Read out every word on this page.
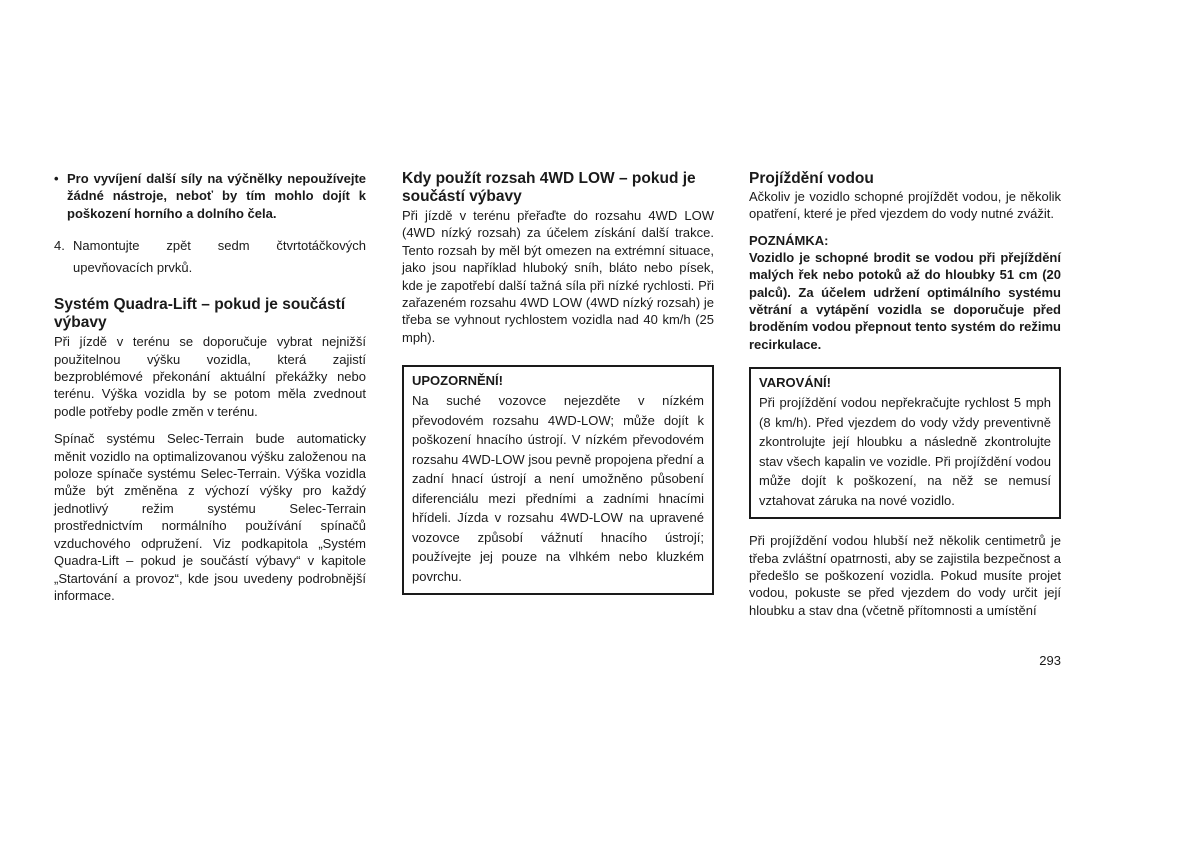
• Pro vyvíjení další síly na výčnělky nepoužívejte žádné nástroje, neboť by tím mohlo dojít k poškození horního a dolního čela.
4. Namontujte zpět sedm čtvrtotáčkových upevňovacích prvků.
Systém Quadra-Lift – pokud je součástí výbavy

Při jízdě v terénu se doporučuje vybrat nejnižší použitelnou výšku vozidla, která zajistí bezproblémové překonání aktuální překážky nebo terénu. Výška vozidla by se potom měla zvednout podle potřeby podle změn v terénu.

Spínač systému Selec-Terrain bude automaticky měnit vozidlo na optimalizovanou výšku založenou na poloze spínače systému Selec-Terrain. Výška vozidla může být změněna z výchozí výšky pro každý jednotlivý režim systému Selec-Terrain prostřednictvím normálního používání spínačů vzduchového odpružení. Viz podkapitola „Systém Quadra-Lift – pokud je součástí výbavy“ v kapitole „Startování a provoz“, kde jsou uvedeny podrobnější informace.

Kdy použít rozsah 4WD LOW – pokud je součástí výbavy

Při jízdě v terénu přeřaďte do rozsahu 4WD LOW (4WD nízký rozsah) za účelem získání další trakce. Tento rozsah by měl být omezen na extrémní situace, jako jsou například hluboký sníh, bláto nebo písek, kde je zapotřebí další tažná síla při nízké rychlosti. Při zařazeném rozsahu 4WD LOW (4WD nízký rozsah) je třeba se vyhnout rychlostem vozidla nad 40 km/h (25 mph).

UPOZORNĚNÍ!

Na suché vozovce nejezděte v nízkém převodovém rozsahu 4WD-LOW; může dojít k poškození hnacího ústrojí. V nízkém převodovém rozsahu 4WD-LOW jsou pevně propojena přední a zadní hnací ústrojí a není umožněno působení diferenciálu mezi předními a zadními hnacími hřídeli. Jízda v rozsahu 4WD-LOW na upravené vozovce způsobí vážnutí hnacího ústrojí; používejte jej pouze na vlhkém nebo kluzkém povrchu.

Projíždění vodou

Ačkoliv je vozidlo schopné projíždět vodou, je několik opatření, které je před vjezdem do vody nutné zvážit.

POZNÁMKA:

Vozidlo je schopné brodit se vodou při přejíždění malých řek nebo potoků až do hloubky 51 cm (20 palců). Za účelem udržení optimálního systému větrání a vytápění vozidla se doporučuje před broděním vodou přepnout tento systém do režimu recirkulace.

VAROVÁNÍ!

Při projíždění vodou nepřekračujte rychlost 5 mph (8 km/h). Před vjezdem do vody vždy preventivně zkontrolujte její hloubku a následně zkontrolujte stav všech kapalin ve vozidle. Při projíždění vodou může dojít k poškození, na něž se nemusí vztahovat záruka na nové vozidlo.

Při projíždění vodou hlubší než několik centimetrů je třeba zvláštní opatrnosti, aby se zajistila bezpečnost a předešlo se poškození vozidla. Pokud musíte projet vodou, pokuste se před vjezdem do vody určit její hloubku a stav dna (včetně přítomnosti a umístění

293
